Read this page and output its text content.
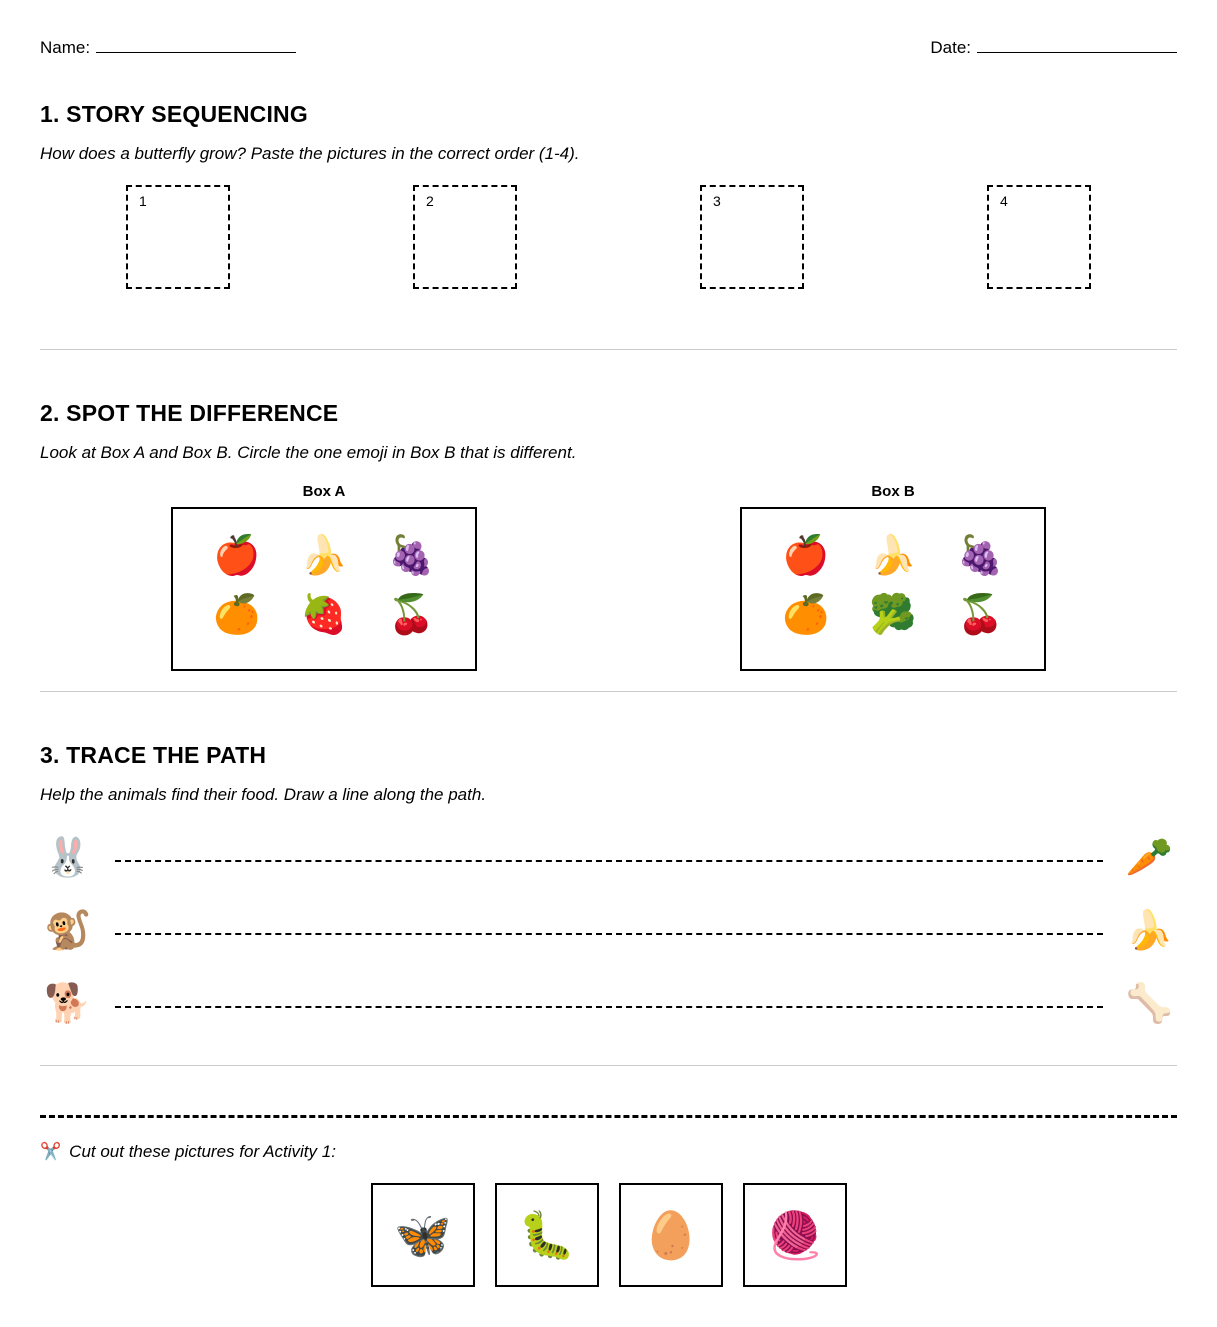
Name:	Date:
1. STORY SEQUENCING
How does a butterfly grow? Paste the pictures in the correct order (1-4).
1	2	3	4
2. SPOT THE DIFFERENCE
Look at Box A and Box B. Circle the one emoji in Box B that is different.
Box A
🍎	🍌	🍇
🍊	🍓	🍒
Box B
🍎	🍌	🍇
🍊	🥦	🍒
3. TRACE THE PATH
Help the animals find their food. Draw a line along the path.
🐰	🥕
🐒	🍌
🐕	🦴
✂️ Cut out these pictures for Activity 1:
🦋 🐛 🥚 🧶
